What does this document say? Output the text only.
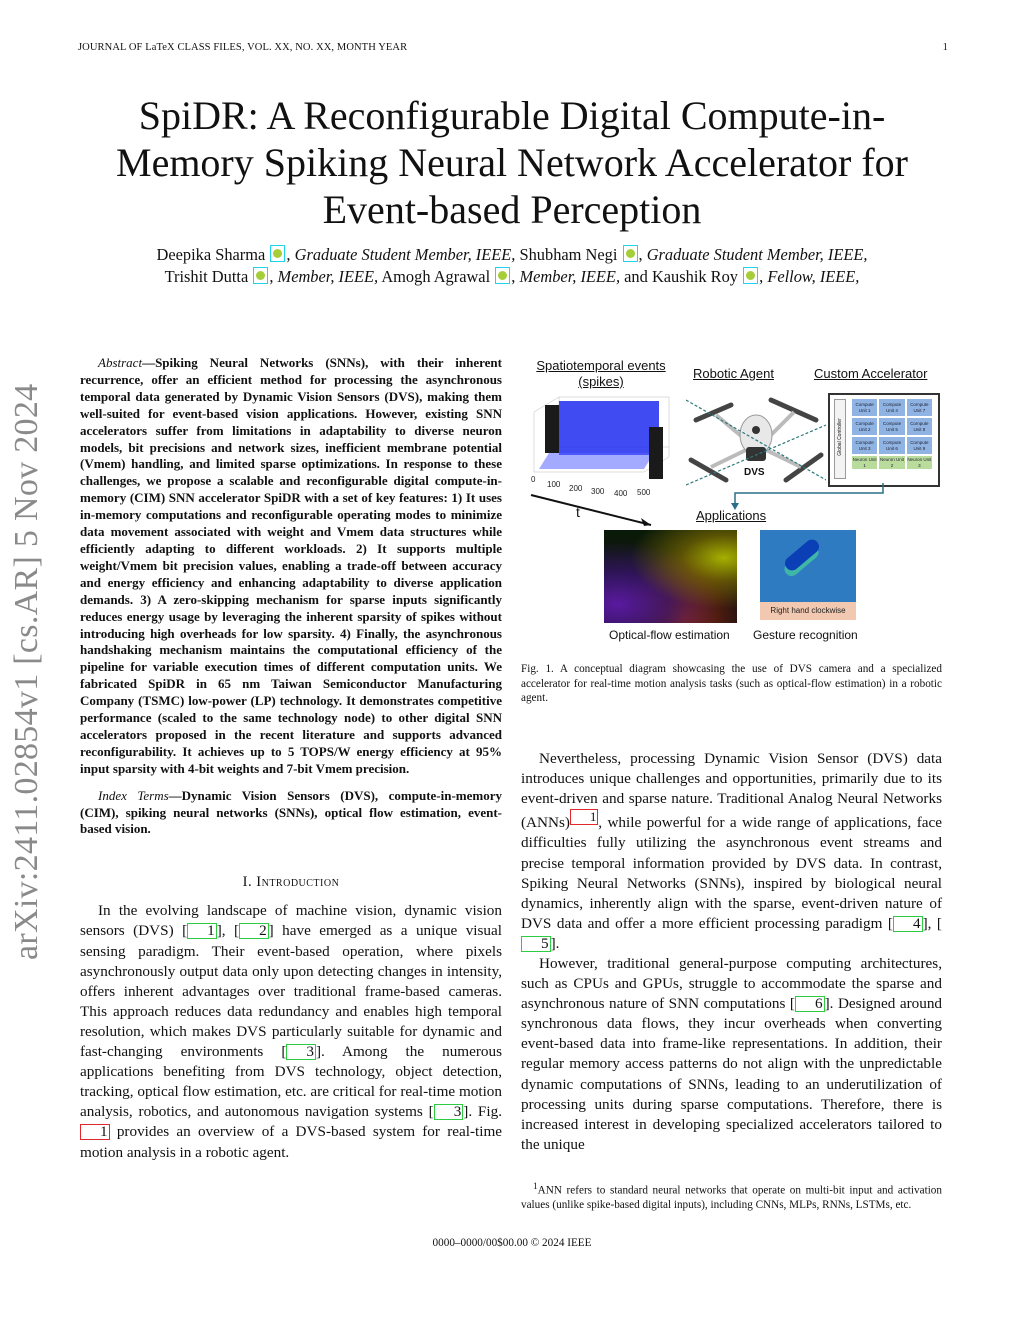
JOURNAL OF LaTeX CLASS FILES, VOL. XX, NO. XX, MONTH YEAR	1
SpiDR: A Reconfigurable Digital Compute-in-Memory Spiking Neural Network Accelerator for Event-based Perception
Deepika Sharma , Graduate Student Member, IEEE, Shubham Negi , Graduate Student Member, IEEE,
Trishit Dutta , Member, IEEE, Amogh Agrawal , Member, IEEE, and Kaushik Roy , Fellow, IEEE,
arXiv:2411.02854v1 [cs.AR] 5 Nov 2024

Abstract—Spiking Neural Networks (SNNs), with their inherent recurrence, offer an efficient method for processing the asynchronous temporal data generated by Dynamic Vision Sensors (DVS), making them well-suited for event-based vision applications. However, existing SNN accelerators suffer from limitations in adaptability to diverse neuron models, bit precisions and network sizes, inefficient membrane potential (Vmem) handling, and limited sparse optimizations. In response to these challenges, we propose a scalable and reconfigurable digital compute-in-memory (CIM) SNN accelerator SpiDR with a set of key features: 1) It uses in-memory computations and reconfigurable operating modes to minimize data movement associated with weight and Vmem data structures while efficiently adapting to different workloads. 2) It supports multiple weight/Vmem bit precision values, enabling a trade-off between accuracy and energy efficiency and enhancing adaptability to diverse application demands. 3) A zero-skipping mechanism for sparse inputs significantly reduces energy usage by leveraging the inherent sparsity of spikes without introducing high overheads for low sparsity. 4) Finally, the asynchronous handshaking mechanism maintains the computational efficiency of the pipeline for variable execution times of different computation units. We fabricated SpiDR in 65 nm Taiwan Semiconductor Manufacturing Company (TSMC) low-power (LP) technology. It demonstrates competitive performance (scaled to the same technology node) to other digital SNN accelerators proposed in the recent literature and supports advanced reconfigurability. It achieves up to 5 TOPS/W energy efficiency at 95% input sparsity with 4-bit weights and 7-bit Vmem precision.

Index Terms—Dynamic Vision Sensors (DVS), compute-in-memory (CIM), spiking neural networks (SNNs), optical flow estimation, event-based vision.

I. Introduction

In the evolving landscape of machine vision, dynamic vision sensors (DVS) [ 1 ], [ 2 ] have emerged as a unique visual sensing paradigm. Their event-based operation, where pixels asynchronously output data only upon detecting changes in intensity, offers inherent advantages over traditional frame-based cameras. This approach reduces data redundancy and enables high temporal resolution, which makes DVS particularly suitable for dynamic and fast-changing environments [ 3 ]. Among the numerous applications benefiting from DVS technology, object detection, tracking, optical flow estimation, etc. are critical for real-time motion analysis, robotics, and autonomous navigation systems [ 3 ]. Fig. 1 provides an overview of a DVS-based system for real-time motion analysis in a robotic agent.

Spatiotemporal events (spikes)
Robotic Agent	Custom Accelerator
0
100 200 300 400 500
t
DVS
Global Controller
Compute Unit 1
Compute Unit 4
Compute Unit 7
Compute Unit 2
Compute Unit 5
Compute Unit 8
Compute Unit 3
Compute Unit 6
Compute Unit 9
Neuron Unit 1
Neuron Unit 2
Neuron Unit 3
Applications
Right hand clockwise
Optical-flow estimation Gesture recognition
Fig. 1. A conceptual diagram showcasing the use of DVS camera and a specialized accelerator for real-time motion analysis tasks (such as optical-flow estimation) in a robotic agent.

Nevertheless, processing Dynamic Vision Sensor (DVS) data introduces unique challenges and opportunities, primarily due to its event-driven and sparse nature. Traditional Analog Neural Networks (ANNs) $^1$ , while powerful for a wide range of applications, face difficulties fully utilizing the asynchronous event streams and precise temporal information provided by DVS data. In contrast, Spiking Neural Networks (SNNs), inspired by biological neural dynamics, inherently align with the sparse, event-driven nature of DVS data and offer a more efficient processing paradigm [ 4 ], [5 ].

However, traditional general-purpose computing architectures, such as CPUs and GPUs, struggle to accommodate the sparse and asynchronous nature of SNN computations [ 6 ]. Designed around synchronous data flows, they incur overheads when converting event-based data into frame-like representations. In addition, their regular memory access patterns do not align with the unpredictable dynamic computations of SNNs, leading to an underutilization of processing units during sparse computations. Therefore, there is increased interest in developing specialized accelerators tailored to the unique

$^1$ANN refers to standard neural networks that operate on multi-bit input and activation values (unlike spike-based digital inputs), including CNNs, MLPs, RNNs, LSTMs, etc.
0000–0000/00$00.00 © 2024 IEEE
